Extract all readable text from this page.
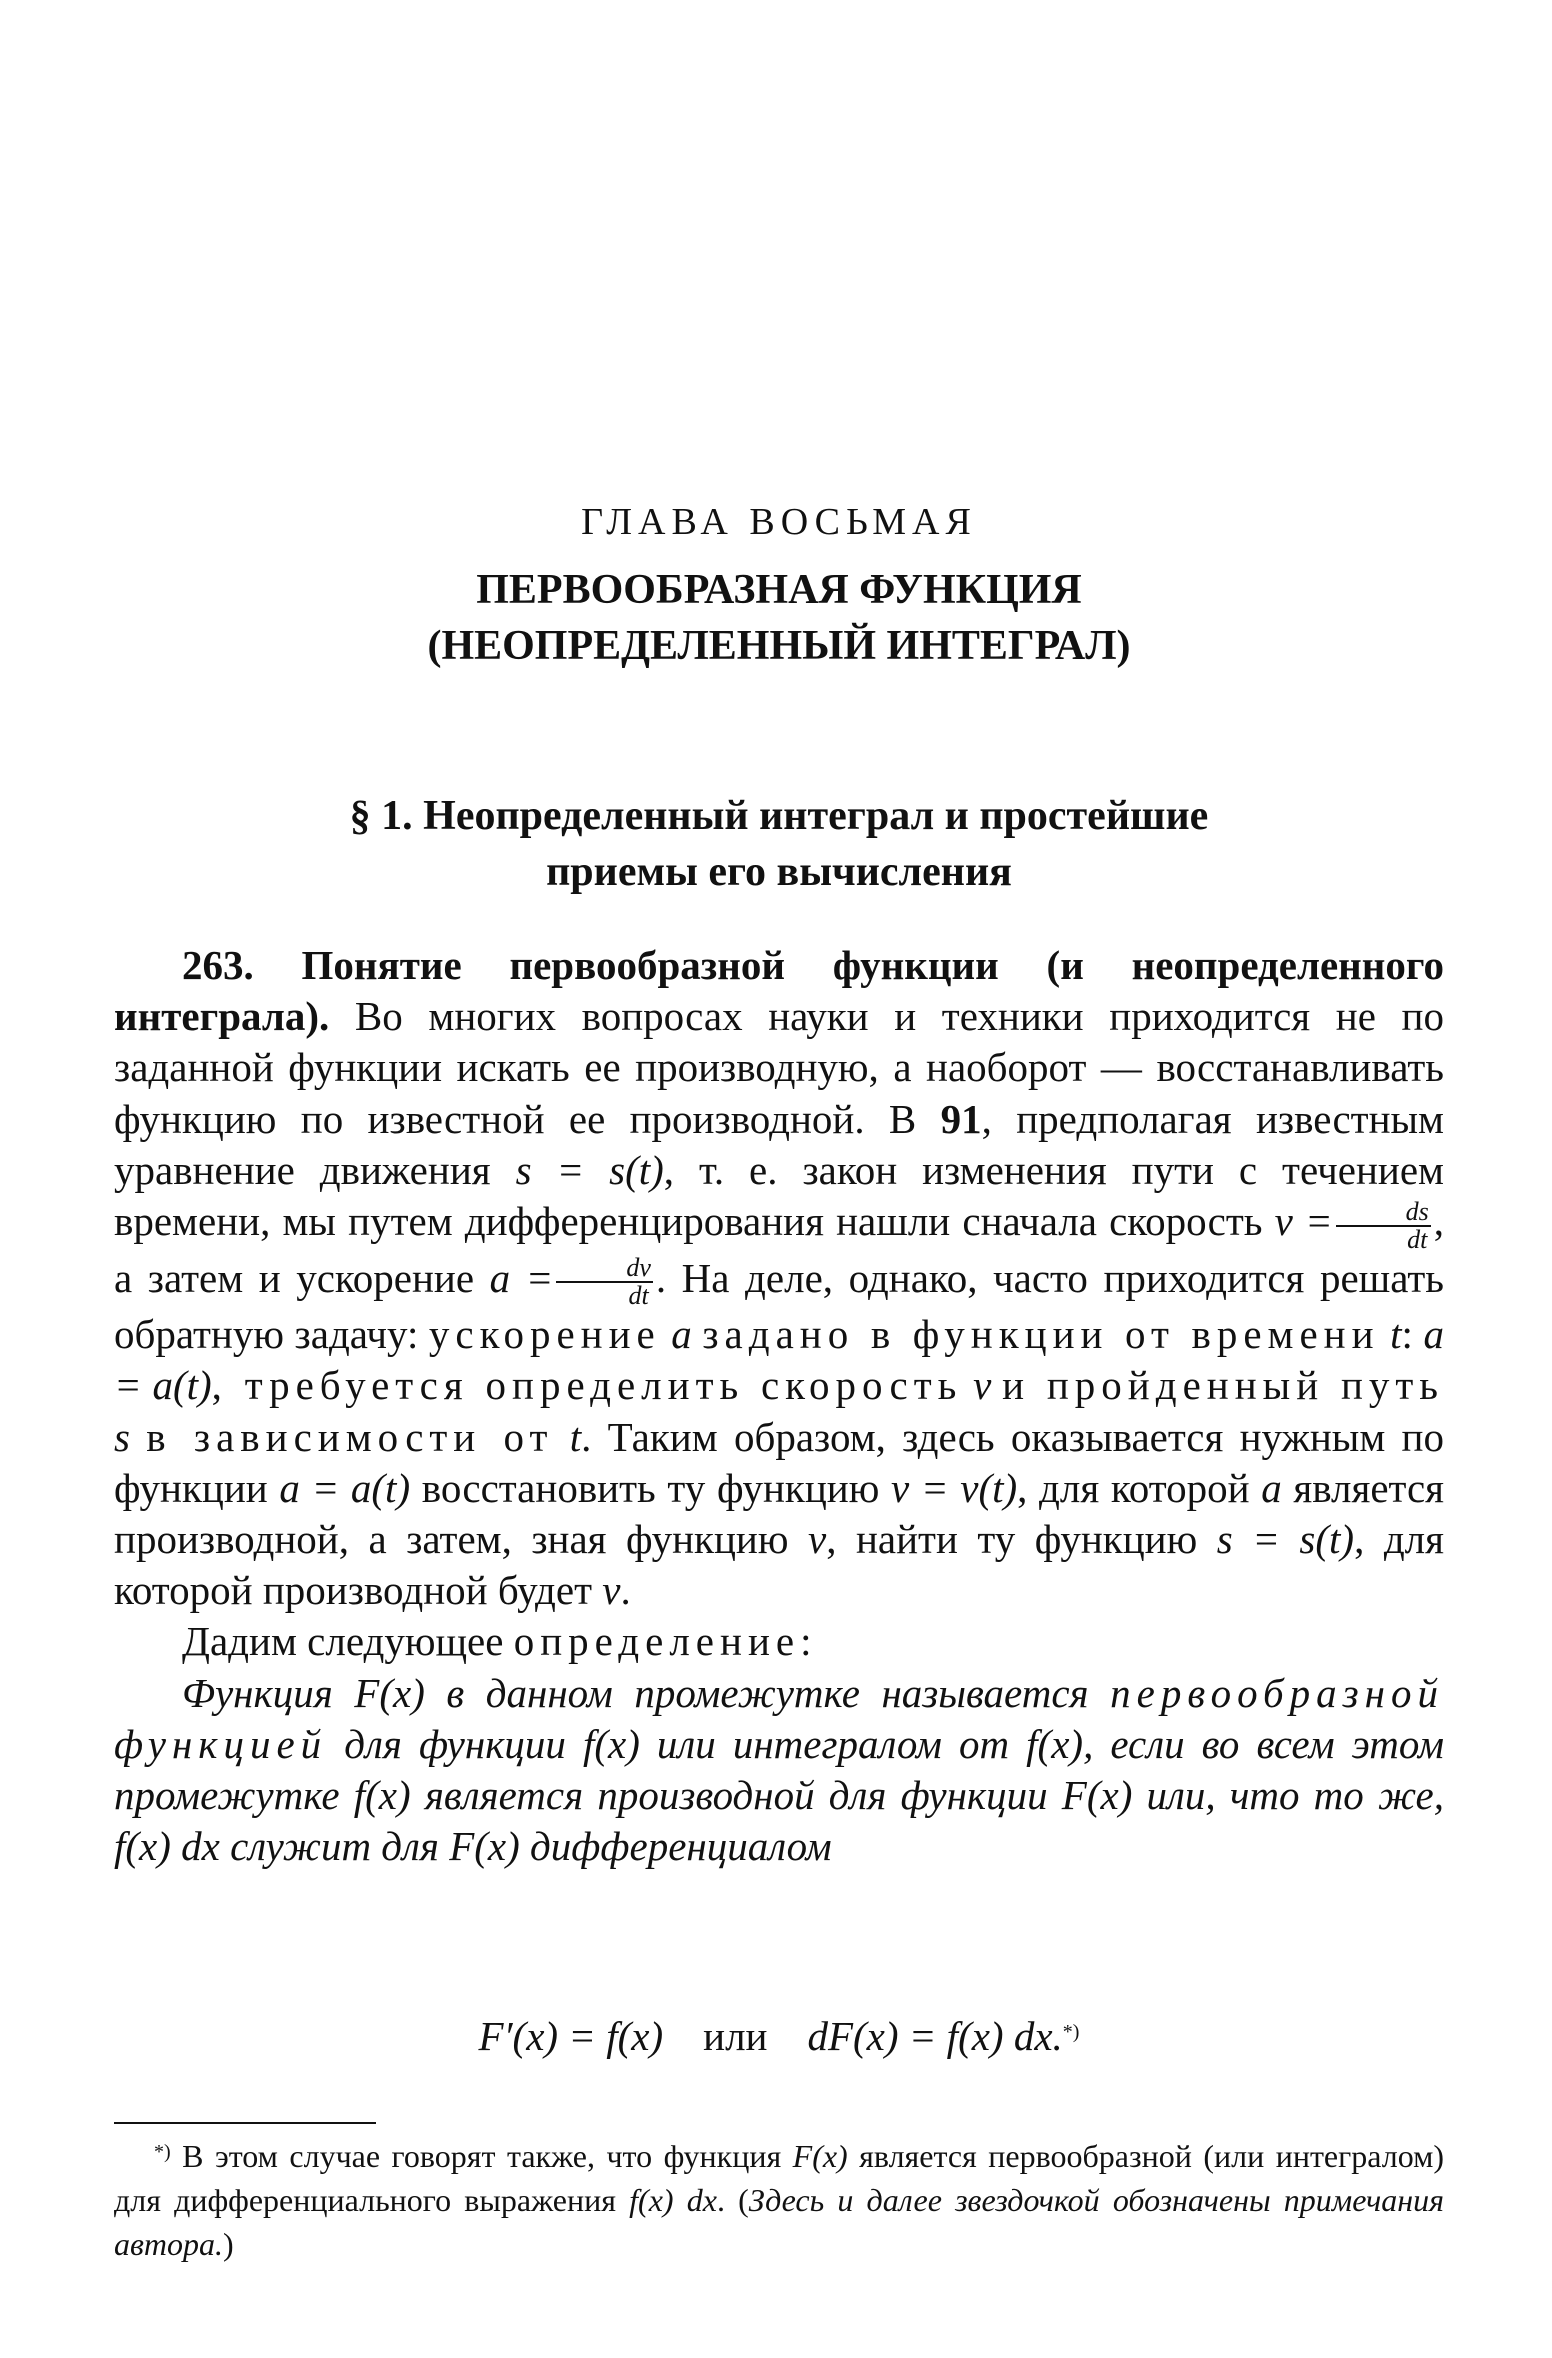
ГЛАВА ВОСЬМАЯ
ПЕРВООБРАЗНАЯ ФУНКЦИЯ
(НЕОПРЕДЕЛЕННЫЙ ИНТЕГРАЛ)
§ 1. Неопределенный интеграл и простейшие
приемы его вычисления

263. Понятие первообразной функции (и неопределенного интеграла). Во многих вопросах науки и техники приходится не по заданной функции искать ее производную, а наоборот — восстанавливать функцию по известной ее производной. В 91, предполагая известным уравнение движения s = s(t), т. е. закон изменения пути с течением времени, мы путем дифференцирования нашли сначала скорость $v = \frac{ds}{dt}$ , а затем и ускорение $a = \frac{dv}{dt}$ . На деле, однако, часто приходится решать обратную задачу: ускорение a задано в функции от времени t: a = a(t), требуется определить скорость v и пройденный путь s в зависимости от t. Таким образом, здесь оказывается нужным по функции a = a(t) восстановить ту функцию v = v(t), для которой a является производной, а затем, зная функцию v, найти ту функцию s = s(t), для которой производной будет v.

Дадим следующее определение:

Функция F(x) в данном промежутке называется первообразной функцией для функции f(x) или интегралом от f(x), если во всем этом промежутке f(x) является производной для функции F(x) или, что то же, f(x) dx служит для F(x) дифференциалом

F′(x) = f(x) или dF(x) = f(x) dx.*)
*) В этом случае говорят также, что функция F(x) является первообразной (или интегралом) для дифференциального выражения f(x) dx. (Здесь и далее звездочкой обозначены примечания автора.)
